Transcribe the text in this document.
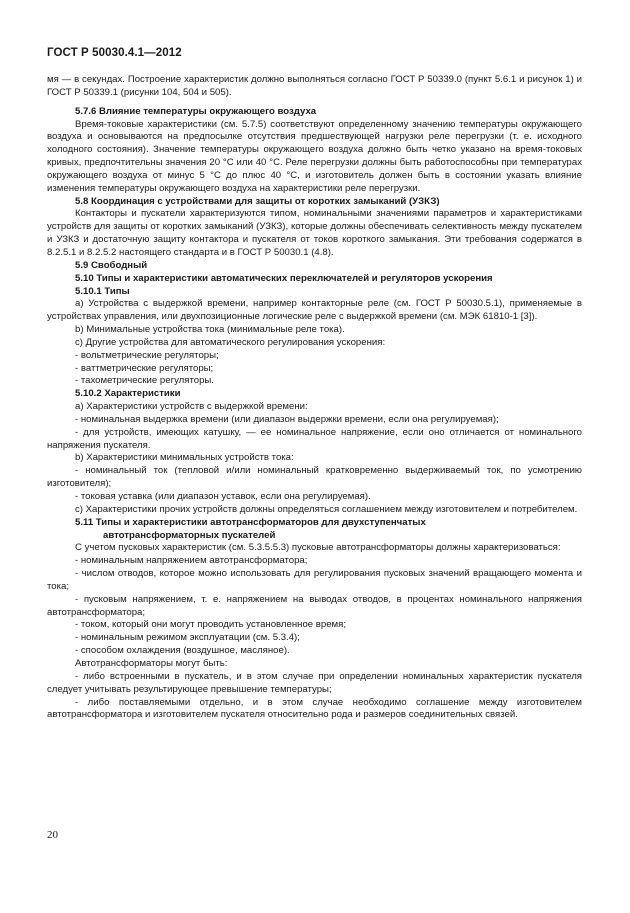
ГОСТ Р 50030.4.1—2012

мя — в секундах. Построение характеристик должно выполняться согласно ГОСТ Р 50339.0 (пункт 5.6.1 и рисунок 1) и ГОСТ Р 50339.1 (рисунки 104, 504 и 505).

5.7.6 Влияние температуры окружающего воздуха

Время-токовые характеристики (см. 5.7.5) соответствуют определенному значению температуры окружающего воздуха и основываются на предпосылке отсутствия предшествующей нагрузки реле перегрузки (т. е. исходного холодного состояния). Значение температуры окружающего воздуха должно быть четко указано на время-токовых кривых, предпочтительны значения 20 °С или 40 °С. Реле перегрузки должны быть работоспособны при температурах окружающего воздуха от минус 5 °С до плюс 40 °С, и изготовитель должен быть в состоянии указать влияние изменения температуры окружающего воздуха на характеристики реле перегрузки.

5.8 Координация с устройствами для защиты от коротких замыканий (УЗКЗ)

Контакторы и пускатели характеризуются типом, номинальными значениями параметров и характеристиками устройств для защиты от коротких замыканий (УЗКЗ), которые должны обеспечивать селективность между пускателем и УЗКЗ и достаточную защиту контактора и пускателя от токов короткого замыкания. Эти требования содержатся в 8.2.5.1 и 8.2.5.2 настоящего стандарта и в ГОСТ Р 50030.1 (4.8).

5.9 Свободный

5.10 Типы и характеристики автоматических переключателей и регуляторов ускорения

5.10.1 Типы

а) Устройства с выдержкой времени, например контакторные реле (см. ГОСТ Р 50030.5.1), применяемые в устройствах управления, или двухпозиционные логические реле с выдержкой времени (см. МЭК 61810-1 [3]).

b) Минимальные устройства тока (минимальные реле тока).

с) Другие устройства для автоматического регулирования ускорения:

- вольтметрические регуляторы;

- ваттметрические регуляторы;

- тахометрические регуляторы.

5.10.2 Характеристики

а) Характеристики устройств с выдержкой времени:

- номинальная выдержка времени (или диапазон выдержки времени, если она регулируемая);

- для устройств, имеющих катушку, — ее номинальное напряжение, если оно отличается от номинального напряжения пускателя.

b) Характеристики минимальных устройств тока:

- номинальный ток (тепловой и/или номинальный кратковременно выдерживаемый ток, по усмотрению изготовителя);

- токовая уставка (или диапазон уставок, если она регулируемая).

с) Характеристики прочих устройств должны определяться соглашением между изготовителем и потребителем.

5.11 Типы и характеристики автотрансформаторов для двухступенчатых

автотрансформаторных пускателей

С учетом пусковых характеристик (см. 5.3.5.5.3) пусковые автотрансформаторы должны характеризоваться:

- номинальным напряжением автотрансформатора;

- числом отводов, которое можно использовать для регулирования пусковых значений вращающего момента и тока;

- пусковым напряжением, т. е. напряжением на выводах отводов, в процентах номинального напряжения автотрансформатора;

- током, который они могут проводить установленное время;

- номинальным режимом эксплуатации (см. 5.3.4);

- способом охлаждения (воздушное, масляное).

Автотрансформаторы могут быть:

- либо встроенными в пускатель, и в этом случае при определении номинальных характеристик пускателя следует учитывать результирующее превышение температуры;

- либо поставляемыми отдельно, и в этом случае необходимо соглашение между изготовителем автотрансформатора и изготовителем пускателя относительно рода и размеров соединительных связей.

20
